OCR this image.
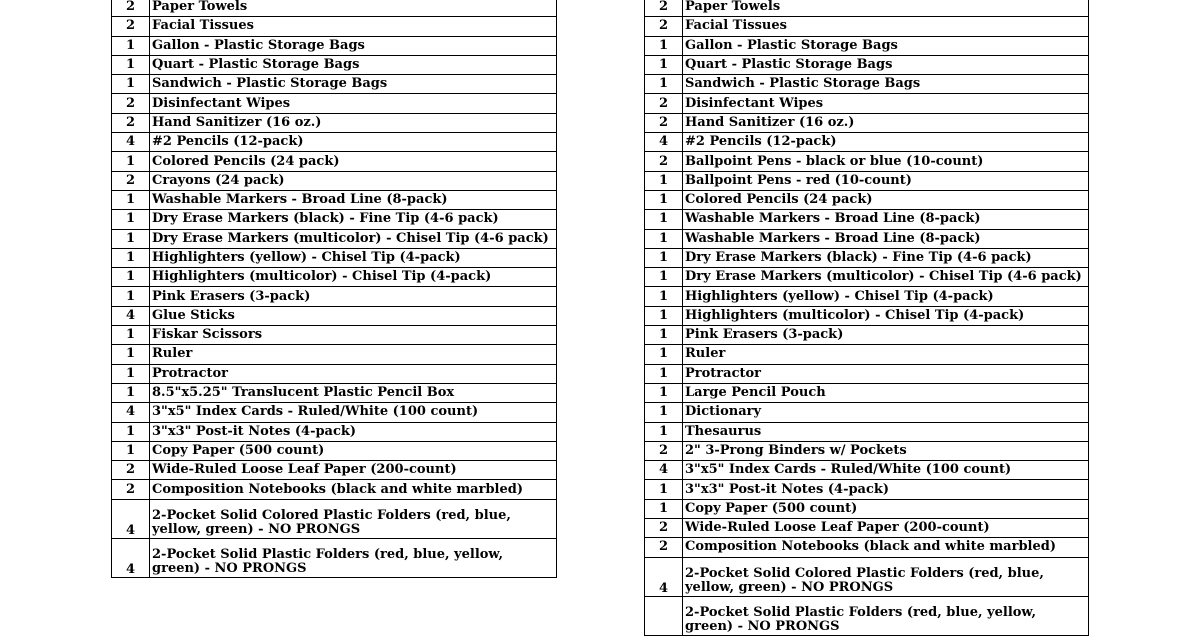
2	Paper Towels
2	Facial Tissues
1	Gallon - Plastic Storage Bags
1	Quart - Plastic Storage Bags
1	Sandwich - Plastic Storage Bags
2	Disinfectant Wipes
2	Hand Sanitizer (16 oz.)
4	#2 Pencils (12-pack)
1	Colored Pencils (24 pack)
2	Crayons (24 pack)
1	Washable Markers - Broad Line (8-pack)
1	Dry Erase Markers (black) - Fine Tip (4-6 pack)
1	Dry Erase Markers (multicolor) - Chisel Tip (4-6 pack)
1	Highlighters (yellow) - Chisel Tip (4-pack)
1	Highlighters (multicolor) - Chisel Tip (4-pack)
1	Pink Erasers (3-pack)
4	Glue Sticks
1	Fiskar Scissors
1	Ruler
1	Protractor
1	8.5"x5.25" Translucent Plastic Pencil Box
4	3"x5" Index Cards - Ruled/White (100 count)
1	3"x3" Post-it Notes (4-pack)
1	Copy Paper (500 count)
2	Wide-Ruled Loose Leaf Paper (200-count)
2	Composition Notebooks (black and white marbled)
4	2-Pocket Solid Colored Plastic Folders (red, blue, yellow, green) - NO PRONGS
4	2-Pocket Solid Plastic Folders (red, blue, yellow, green) - NO PRONGS
2	Paper Towels
2	Facial Tissues
1	Gallon - Plastic Storage Bags
1	Quart - Plastic Storage Bags
1	Sandwich - Plastic Storage Bags
2	Disinfectant Wipes
2	Hand Sanitizer (16 oz.)
4	#2 Pencils (12-pack)
2	Ballpoint Pens - black or blue (10-count)
1	Ballpoint Pens - red (10-count)
1	Colored Pencils (24 pack)
1	Washable Markers - Broad Line (8-pack)
1	Washable Markers - Broad Line (8-pack)
1	Dry Erase Markers (black) - Fine Tip (4-6 pack)
1	Dry Erase Markers (multicolor) - Chisel Tip (4-6 pack)
1	Highlighters (yellow) - Chisel Tip (4-pack)
1	Highlighters (multicolor) - Chisel Tip (4-pack)
1	Pink Erasers (3-pack)
1	Ruler
1	Protractor
1	Large Pencil Pouch
1	Dictionary
1	Thesaurus
2	2" 3-Prong Binders w/ Pockets
4	3"x5" Index Cards - Ruled/White (100 count)
1	3"x3" Post-it Notes (4-pack)
1	Copy Paper (500 count)
2	Wide-Ruled Loose Leaf Paper (200-count)
2	Composition Notebooks (black and white marbled)
4	2-Pocket Solid Colored Plastic Folders (red, blue, yellow, green) - NO PRONGS
	2-Pocket Solid Plastic Folders (red, blue, yellow, green) - NO PRONGS
